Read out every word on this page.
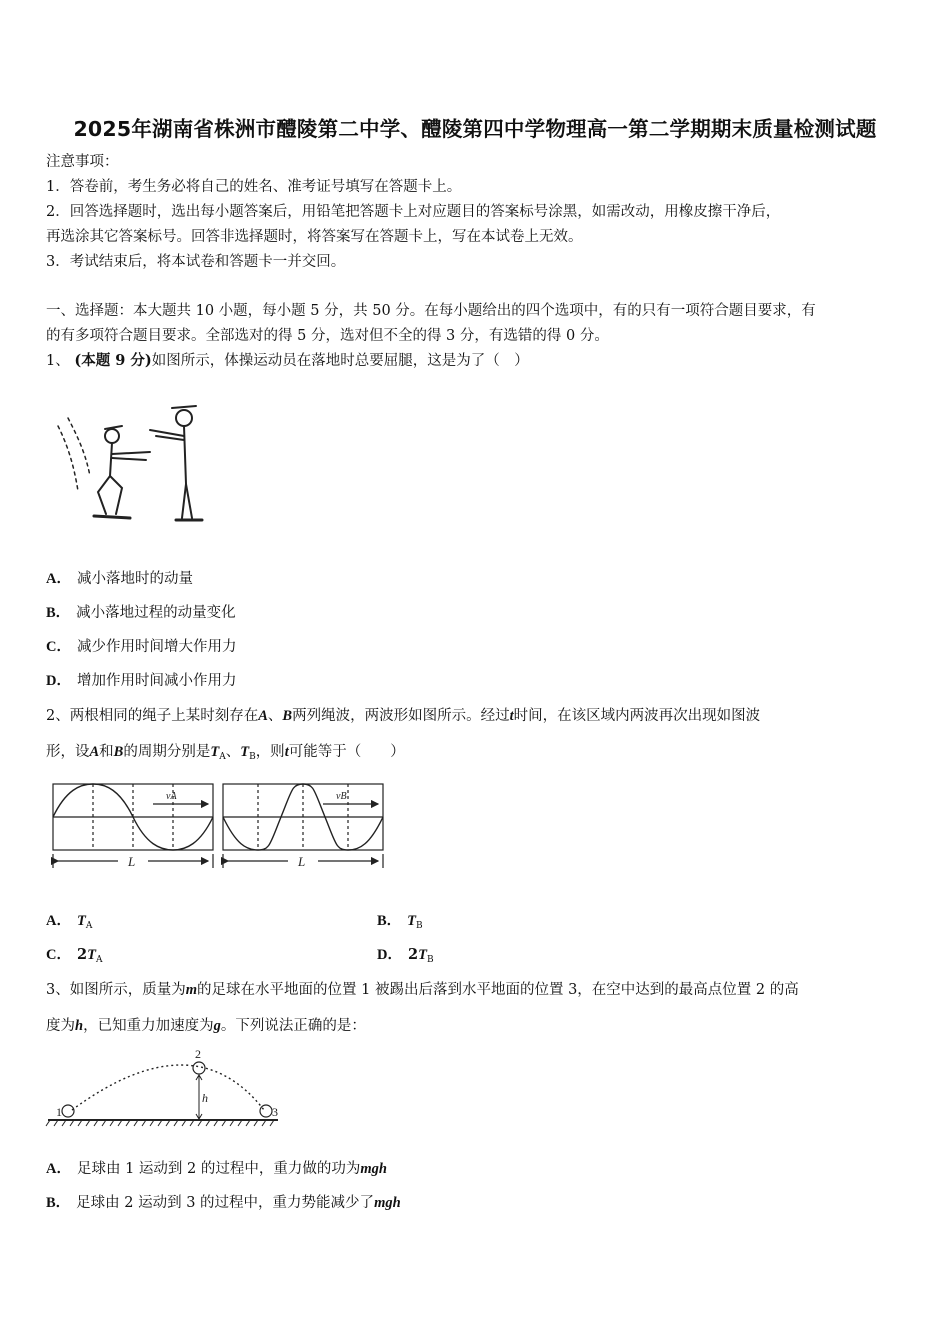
2025年湖南省株洲市醴陵第二中学、醴陵第四中学物理高一第二学期期末质量检测试题
注意事项：
1．答卷前，考生务必将自己的姓名、准考证号填写在答题卡上。
2．回答选择题时，选出每小题答案后，用铅笔把答题卡上对应题目的答案标号涂黑，如需改动，用橡皮擦干净后，
再选涂其它答案标号。回答非选择题时，将答案写在答题卡上，写在本试卷上无效。
3．考试结束后，将本试卷和答题卡一并交回。
一、选择题：本大题共 10 小题，每小题 5 分，共 50 分。在每小题给出的四个选项中，有的只有一项符合题目要求，有
的有多项符合题目要求。全部选对的得 5 分，选对但不全的得 3 分，有选错的得 0 分。
1、 (本题 9 分)如图所示，体操运动员在落地时总要屈腿，这是为了（　）
A． 减小落地时的动量
B． 减小落地过程的动量变化
C． 减少作用时间增大作用力
D． 增加作用时间减小作用力
2、两根相同的绳子上某时刻存在A、B两列绳波，两波形如图所示。经过t时间，在该区域内两波再次出现如图波
形，设A和B的周期分别是$T_A$、$T_B$，则t可能等于（　　）
vA	vB
L	L
A． $T_A$	B． $T_B$
C． $2T_A$	D． $2T_B$
3、如图所示，质量为m的足球在水平地面的位置 1 被踢出后落到水平地面的位置 3，在空中达到的最高点位置 2 的高
度为h，已知重力加速度为g。下列说法正确的是：
1
2
3
h
A． 足球由 1 运动到 2 的过程中，重力做的功为mgh
B． 足球由 2 运动到 3 的过程中，重力势能减少了mgh
